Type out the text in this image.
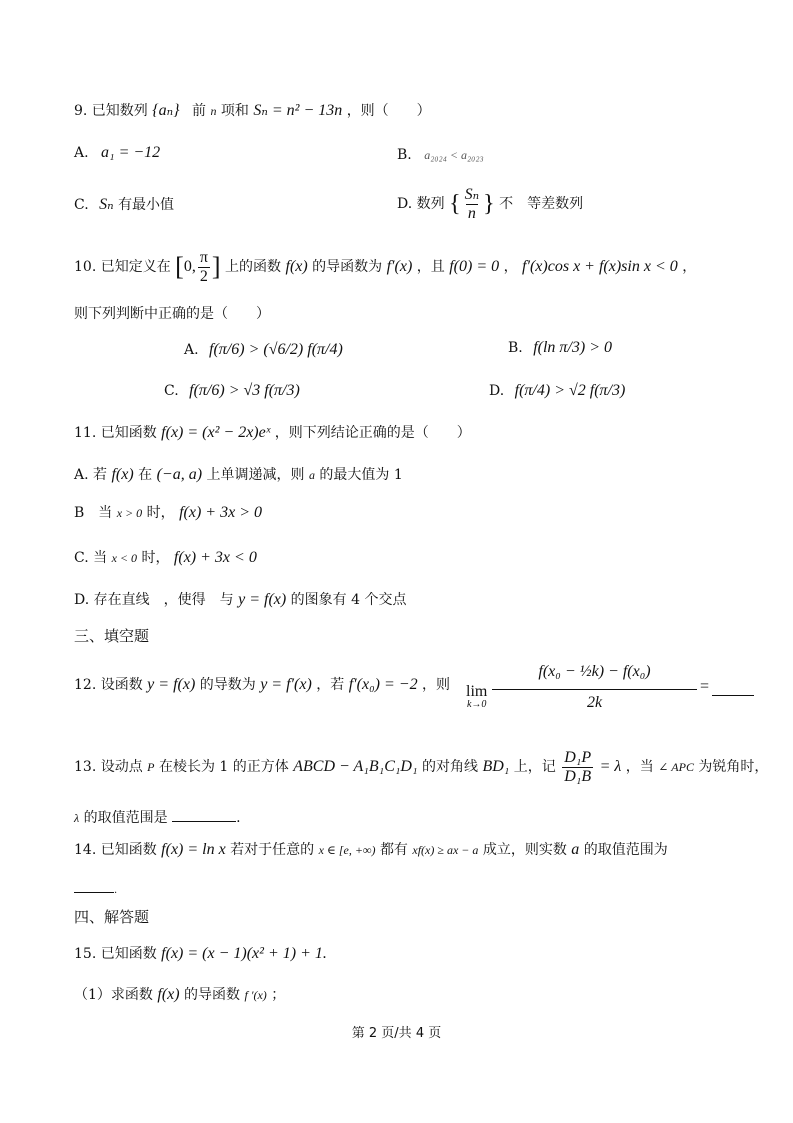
9. 已知数列 {aₙ} 前 n 项和 Sₙ = n² − 13n ，则（　　）
A. a₁ = −12	B. a₂₀₂₄ < a₂₀₂₃
C. Sₙ 有最小值	D. 数列 { $\frac{\text{Sₙ}}{n}$ } 不　等差数列
10. 已知定义在 [0, $\frac{\pi}{2}$ ] 上的函数 f(x) 的导函数为 f′(x) ，且 f(0) = 0 ， f′(x)cos x + f(x)sin x < 0 ，
则下列判断中正确的是（　　）
A. f(π/6) > (√6/2) f(π/4)	B. f(ln π/3) > 0
C. f(π/6) > √3 f(π/3)	D. f(π/4) > √2 f(π/3)
11. 已知函数 f(x) = (x² − 2x)eˣ ，则下列结论正确的是（　　）
A. 若 f(x) 在 (−a, a) 上单调递减，则 a 的最大值为 1
B　当 x > 0 时， f(x) + 3x > 0
C. 当 x < 0 时， f(x) + 3x < 0
D. 存在直线　，使得　与 y = f(x) 的图象有 4 个交点
三、填空题
12. 设函数 y = f(x) 的导数为 y = f′(x) ，若 f′(x₀) = −2 ，则 lim
$k\to 0 \frac{\text{f(x₀ − ½k) − f(x₀)}}{2k}$ =
13. 设动点 P 在棱长为 1 的正方体 ABCD − A₁B₁C₁D₁ 的对角线 BD₁ 上，记 $\frac{\text{D₁P}}{\text{D₁B}} = \lambda$ ，当 ∠ APC 为锐角时，
λ 的取值范围是	.
14. 已知函数 f(x) = ln x 若对于任意的 x ∈ [e, +∞) 都有 xf(x) ≥ ax − a 成立，则实数 a 的取值范围为
.
四、解答题
15. 已知函数 f(x) = (x − 1)(x² + 1) + 1.
（1）求函数 f(x) 的导函数 f ′(x) ；
第 2 页/共 4 页
